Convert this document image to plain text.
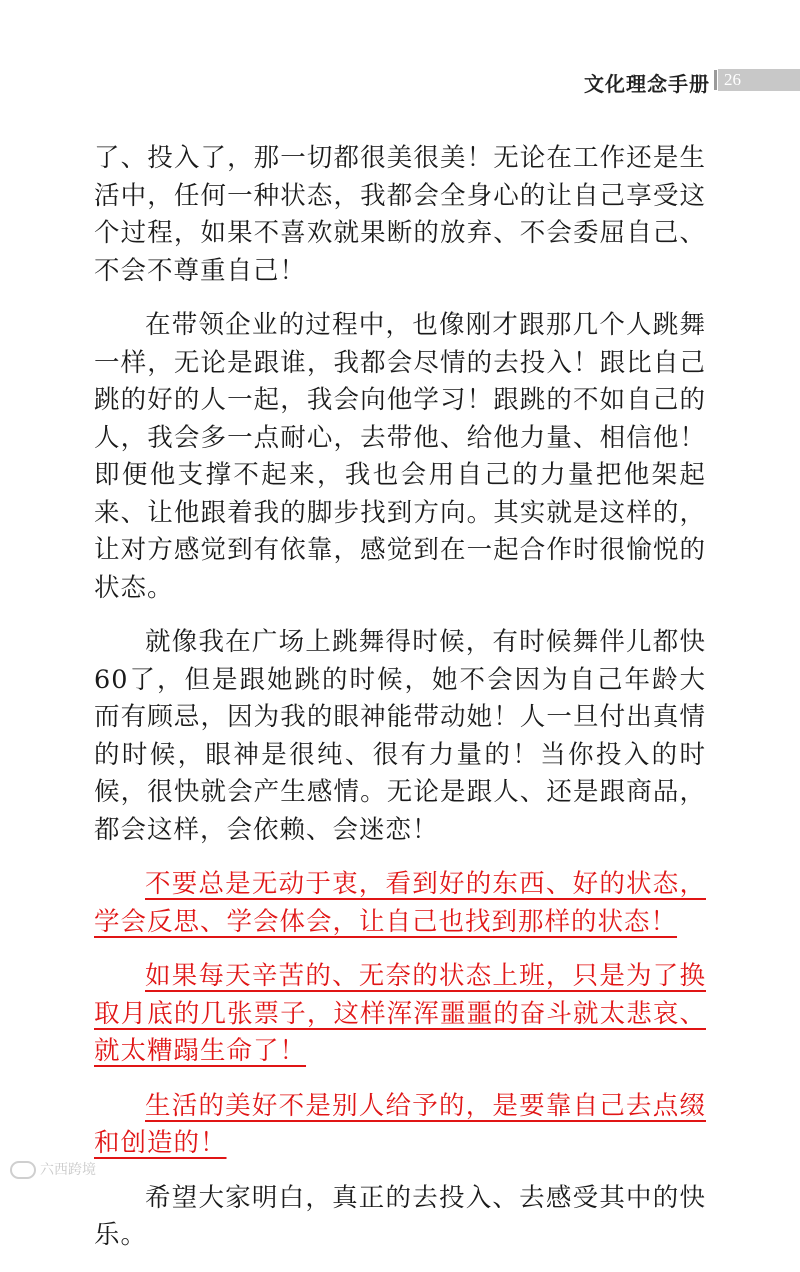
文化理念手册 26

了、投入了，那一切都很美很美！无论在工作还是生活中，任何一种状态，我都会全身心的让自己享受这个过程，如果不喜欢就果断的放弃、不会委屈自己、不会不尊重自己！

在带领企业的过程中，也像刚才跟那几个人跳舞一样，无论是跟谁，我都会尽情的去投入！跟比自己跳的好的人一起，我会向他学习！跟跳的不如自己的人，我会多一点耐心，去带他、给他力量、相信他！即便他支撑不起来，我也会用自己的力量把他架起来、让他跟着我的脚步找到方向。其实就是这样的，让对方感觉到有依靠，感觉到在一起合作时很愉悦的状态。

就像我在广场上跳舞得时候，有时候舞伴儿都快60了，但是跟她跳的时候，她不会因为自己年龄大而有顾忌，因为我的眼神能带动她！人一旦付出真情的时候，眼神是很纯、很有力量的！当你投入的时候，很快就会产生感情。无论是跟人、还是跟商品，都会这样，会依赖、会迷恋！

不要总是无动于衷，看到好的东西、好的状态，学会反思、学会体会，让自己也找到那样的状态！

如果每天辛苦的、无奈的状态上班，只是为了换取月底的几张票子，这样浑浑噩噩的奋斗就太悲哀、就太糟蹋生命了！

生活的美好不是别人给予的，是要靠自己去点缀和创造的！

希望大家明白，真正的去投入、去感受其中的快乐。

六西跨境
